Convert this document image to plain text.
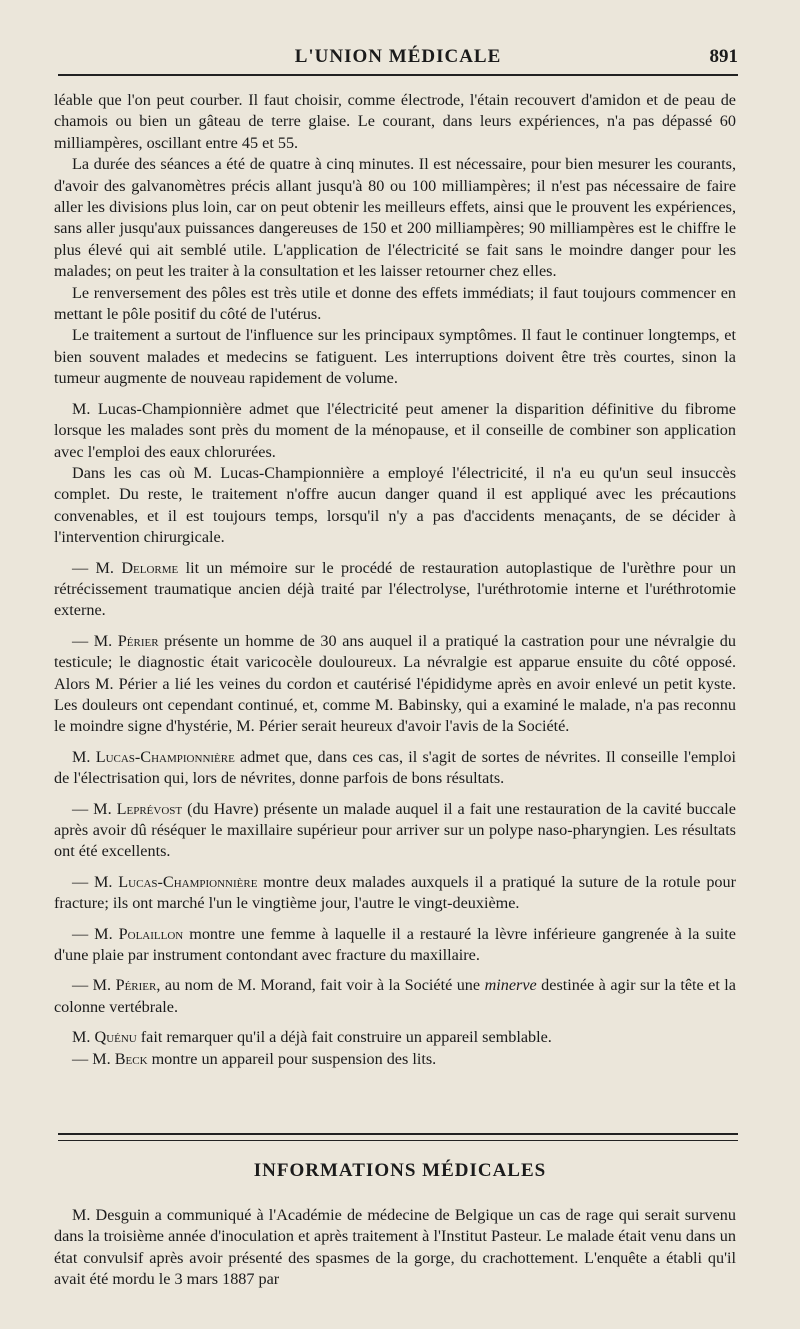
L'UNION MÉDICALE	891

léable que l'on peut courber. Il faut choisir, comme électrode, l'étain recouvert d'amidon et de peau de chamois ou bien un gâteau de terre glaise. Le courant, dans leurs expériences, n'a pas dépassé 60 milliampères, oscillant entre 45 et 55.

La durée des séances a été de quatre à cinq minutes. Il est nécessaire, pour bien mesurer les courants, d'avoir des galvanomètres précis allant jusqu'à 80 ou 100 milliampères; il n'est pas nécessaire de faire aller les divisions plus loin, car on peut obtenir les meilleurs effets, ainsi que le prouvent les expériences, sans aller jusqu'aux puissances dangereuses de 150 et 200 milliampères; 90 milliampères est le chiffre le plus élevé qui ait semblé utile. L'application de l'électricité se fait sans le moindre danger pour les malades; on peut les traiter à la consultation et les laisser retourner chez elles.

Le renversement des pôles est très utile et donne des effets immédiats; il faut toujours commencer en mettant le pôle positif du côté de l'utérus.

Le traitement a surtout de l'influence sur les principaux symptômes. Il faut le continuer longtemps, et bien souvent malades et medecins se fatiguent. Les interruptions doivent être très courtes, sinon la tumeur augmente de nouveau rapidement de volume.

M. Lucas-Championnière admet que l'électricité peut amener la disparition définitive du fibrome lorsque les malades sont près du moment de la ménopause, et il conseille de combiner son application avec l'emploi des eaux chlorurées.

Dans les cas où M. Lucas-Championnière a employé l'électricité, il n'a eu qu'un seul insuccès complet. Du reste, le traitement n'offre aucun danger quand il est appliqué avec les précautions convenables, et il est toujours temps, lorsqu'il n'y a pas d'accidents menaçants, de se décider à l'intervention chirurgicale.

— M. Delorme lit un mémoire sur le procédé de restauration autoplastique de l'urèthre pour un rétrécissement traumatique ancien déjà traité par l'électrolyse, l'uréthrotomie interne et l'uréthrotomie externe.

— M. Périer présente un homme de 30 ans auquel il a pratiqué la castration pour une névralgie du testicule; le diagnostic était varicocèle douloureux. La névralgie est apparue ensuite du côté opposé. Alors M. Périer a lié les veines du cordon et cautérisé l'épididyme après en avoir enlevé un petit kyste. Les douleurs ont cependant continué, et, comme M. Babinsky, qui a examiné le malade, n'a pas reconnu le moindre signe d'hystérie, M. Périer serait heureux d'avoir l'avis de la Société.

M. Lucas-Championnière admet que, dans ces cas, il s'agit de sortes de névrites. Il conseille l'emploi de l'électrisation qui, lors de névrites, donne parfois de bons résultats.

— M. Leprévost (du Havre) présente un malade auquel il a fait une restauration de la cavité buccale après avoir dû réséquer le maxillaire supérieur pour arriver sur un polype naso-pharyngien. Les résultats ont été excellents.

— M. Lucas-Championnière montre deux malades auxquels il a pratiqué la suture de la rotule pour fracture; ils ont marché l'un le vingtième jour, l'autre le vingt-deuxième.

— M. Polaillon montre une femme à laquelle il a restauré la lèvre inférieure gangrenée à la suite d'une plaie par instrument contondant avec fracture du maxillaire.

— M. Périer, au nom de M. Morand, fait voir à la Société une minerve destinée à agir sur la tête et la colonne vertébrale.

M. Quénu fait remarquer qu'il a déjà fait construire un appareil semblable.

— M. Beck montre un appareil pour suspension des lits.

INFORMATIONS MÉDICALES

M. Desguin a communiqué à l'Académie de médecine de Belgique un cas de rage qui serait survenu dans la troisième année d'inoculation et après traitement à l'Institut Pasteur. Le malade était venu dans un état convulsif après avoir présenté des spasmes de la gorge, du crachottement. L'enquête a établi qu'il avait été mordu le 3 mars 1887 par
